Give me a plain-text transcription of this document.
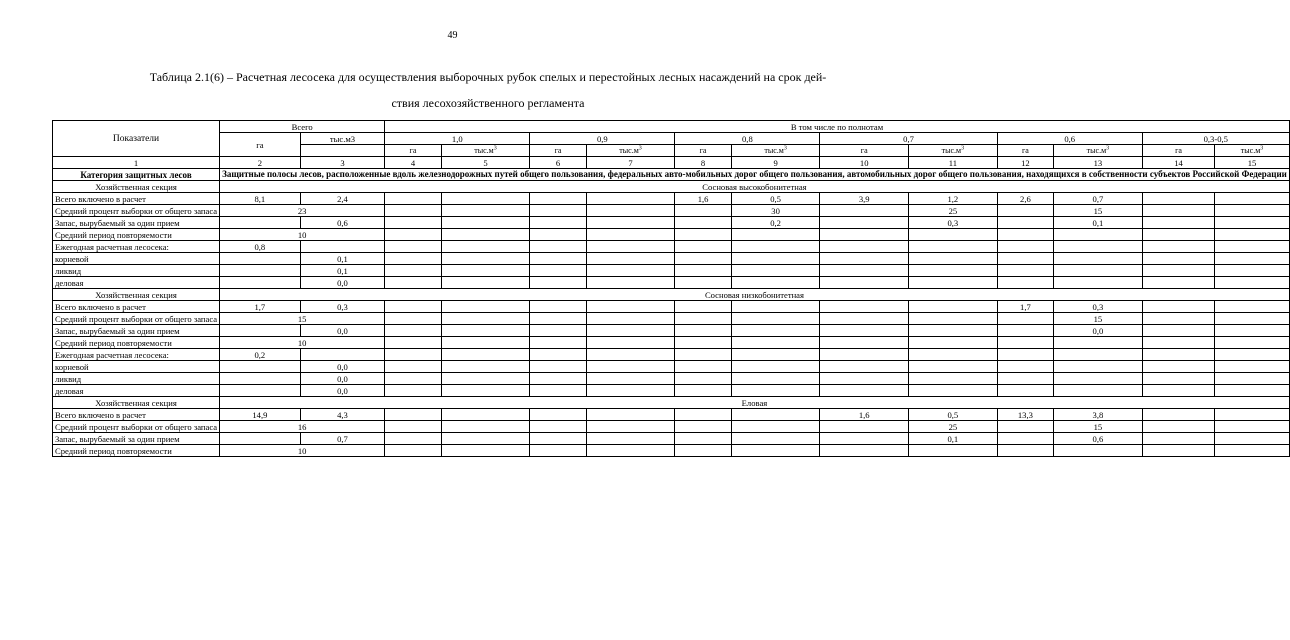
49
Таблица 2.1(6) – Расчетная лесосека для осуществления выборочных рубок спелых и перестойных лесных насаждений на срок дей-
ствия лесохозяйственного регламента
Показатели	Всего		В том числе по полнотам											
	га	тыс.м3	1,0		0,9		0,8		0,7		0,6		0,3-0,5	
			га	$тыс.м^3$	га	$тыс.м^3$	га	$тыс.м^3$	га	$тыс.м^3$	га	$тыс.м^3$	га	$тыс.м^3$
1	2	3	4	5	6	7	8	9	10	11	12	13	14	15
Категория защитных лесов	Защитные полосы лесов, расположенные вдоль железнодорожных путей общего пользования, федеральных авто-мобильных дорог общего пользования, автомобильных дорог общего пользования, находящихся в собственности субъектов Российской Федерации													
Хозяйственная секция	Сосновая высокобонитетная													
Всего включено в расчет	8,1	2,4					1,6	0,5	3,9	1,2	2,6	0,7		
Средний процент выборки от общего запаса	23							30		25		15		
Запас, вырубаемый за один прием		0,6						0,2		0,3		0,1		
Средний период повторяемости	10													
Ежегодная расчетная лесосека:	0,8													
корневой		0,1												
ликвид		0,1												
деловая		0,0												
Хозяйственная секция	Сосновая низкобонитетная													
Всего включено в расчет	1,7	0,3									1,7	0,3		
Средний процент выборки от общего запаса	15											15		
Запас, вырубаемый за один прием		0,0										0,0		
Средний период повторяемости	10													
Ежегодная расчетная лесосека:	0,2													
корневой		0,0												
ликвид		0,0												
деловая		0,0												
Хозяйственная секция	Еловая													
Всего включено в расчет	14,9	4,3							1,6	0,5	13,3	3,8		
Средний процент выборки от общего запаса	16									25		15		
Запас, вырубаемый за один прием		0,7								0,1		0,6		
Средний период повторяемости	10													
